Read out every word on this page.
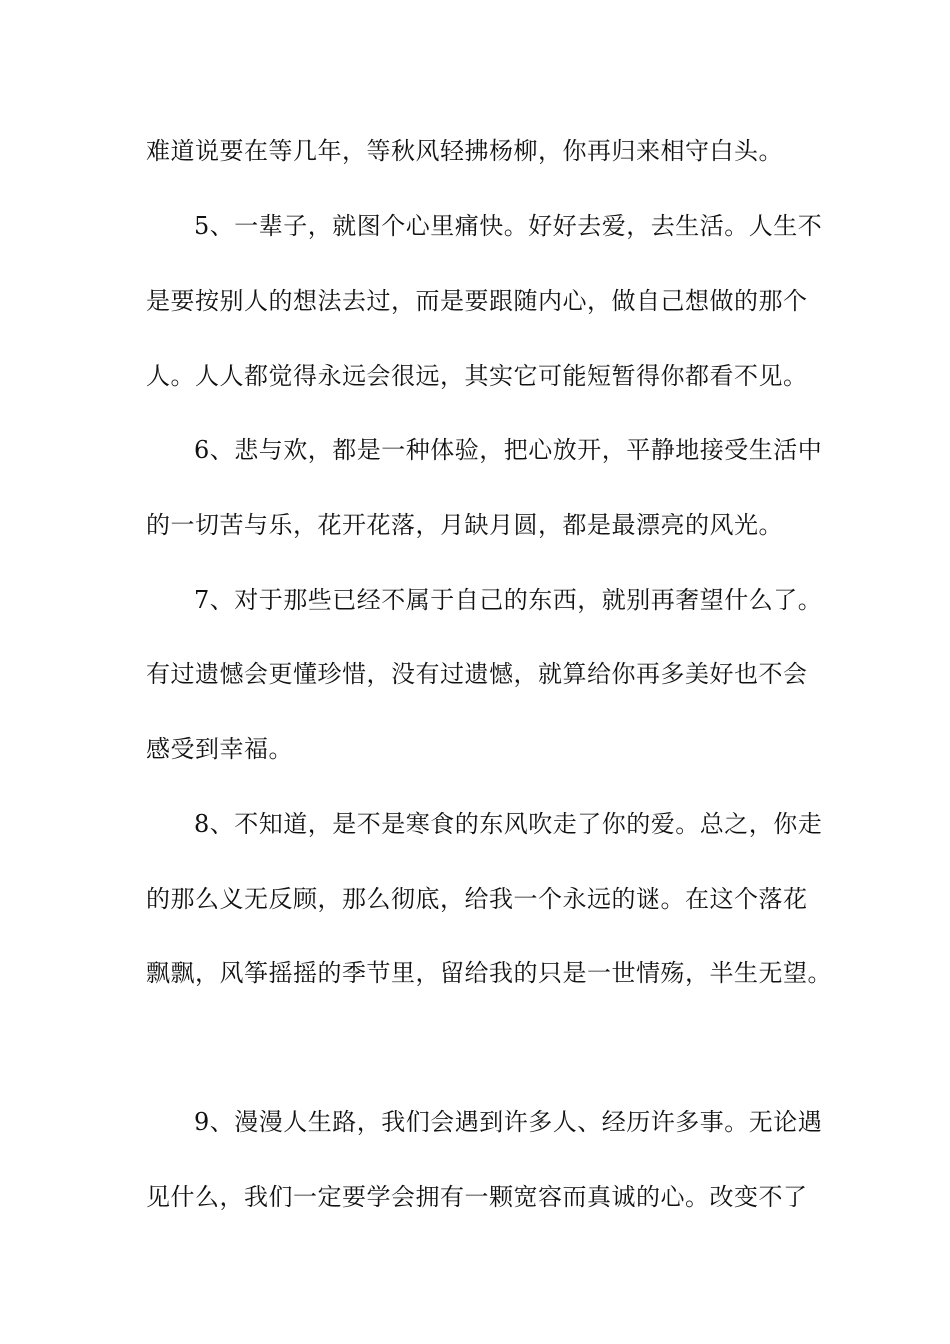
难道说要在等几年，等秋风轻拂杨柳，你再归来相守白头。
5、一辈子，就图个心里痛快。好好去爱，去生活。人生不
是要按别人的想法去过，而是要跟随内心，做自己想做的那个
人。人人都觉得永远会很远，其实它可能短暂得你都看不见。
6、悲与欢，都是一种体验，把心放开，平静地接受生活中
的一切苦与乐，花开花落，月缺月圆，都是最漂亮的风光。
7、对于那些已经不属于自己的东西，就别再奢望什么了。
有过遗憾会更懂珍惜，没有过遗憾，就算给你再多美好也不会
感受到幸福。
8、不知道，是不是寒食的东风吹走了你的爱。总之，你走
的那么义无反顾，那么彻底，给我一个永远的谜。在这个落花
飘飘，风筝摇摇的季节里，留给我的只是一世情殇，半生无望。
9、漫漫人生路，我们会遇到许多人、经历许多事。无论遇
见什么，我们一定要学会拥有一颗宽容而真诚的心。改变不了
